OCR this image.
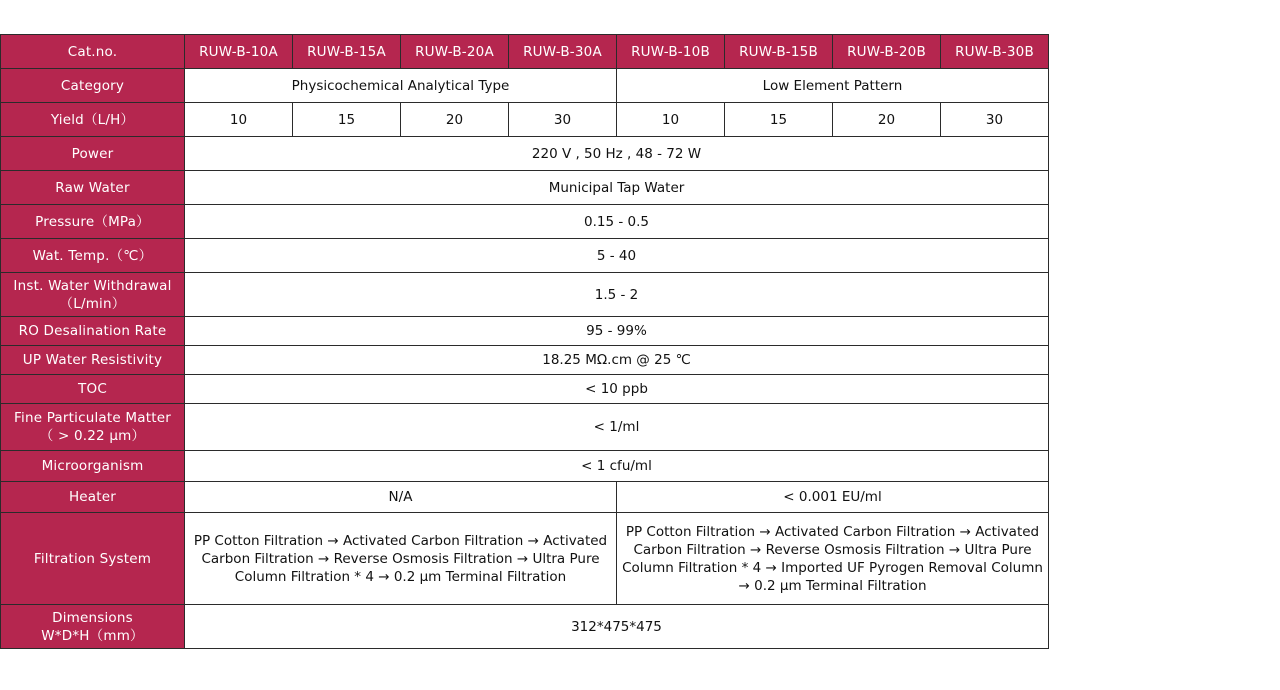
Cat.no.	RUW-B-10A	RUW-B-15A	RUW-B-20A	RUW-B-30A	RUW-B-10B	RUW-B-15B	RUW-B-20B	RUW-B-30B
Category	Physicochemical Analytical Type				Low Element Pattern			
Yield（L/H）	10	15	20	30	10	15	20	30
Power	220 V , 50 Hz , 48 - 72 W							
Raw Water	Municipal Tap Water							
Pressure（MPa）	0.15 - 0.5							
Wat. Temp.（℃）	5 - 40							
Inst. Water Withdrawal
（L/min）	1.5 - 2							
RO Desalination Rate	95 - 99%							
UP Water Resistivity	18.25 MΩ.cm @ 25 ℃							
TOC	< 10 ppb							
Fine Particulate Matter
（ > 0.22 μm）	< 1/ml							
Microorganism	< 1 cfu/ml							
Heater	N/A				< 0.001 EU/ml			
Filtration System	PP Cotton Filtration → Activated Carbon Filtration → Activated Carbon Filtration → Reverse Osmosis Filtration → Ultra Pure Column Filtration * 4 → 0.2 μm Terminal Filtration				PP Cotton Filtration → Activated Carbon Filtration → Activated Carbon Filtration → Reverse Osmosis Filtration → Ultra Pure Column Filtration * 4 → Imported UF Pyrogen Removal Column → 0.2 μm Terminal Filtration			
Dimensions
W*D*H（mm）	312*475*475							
